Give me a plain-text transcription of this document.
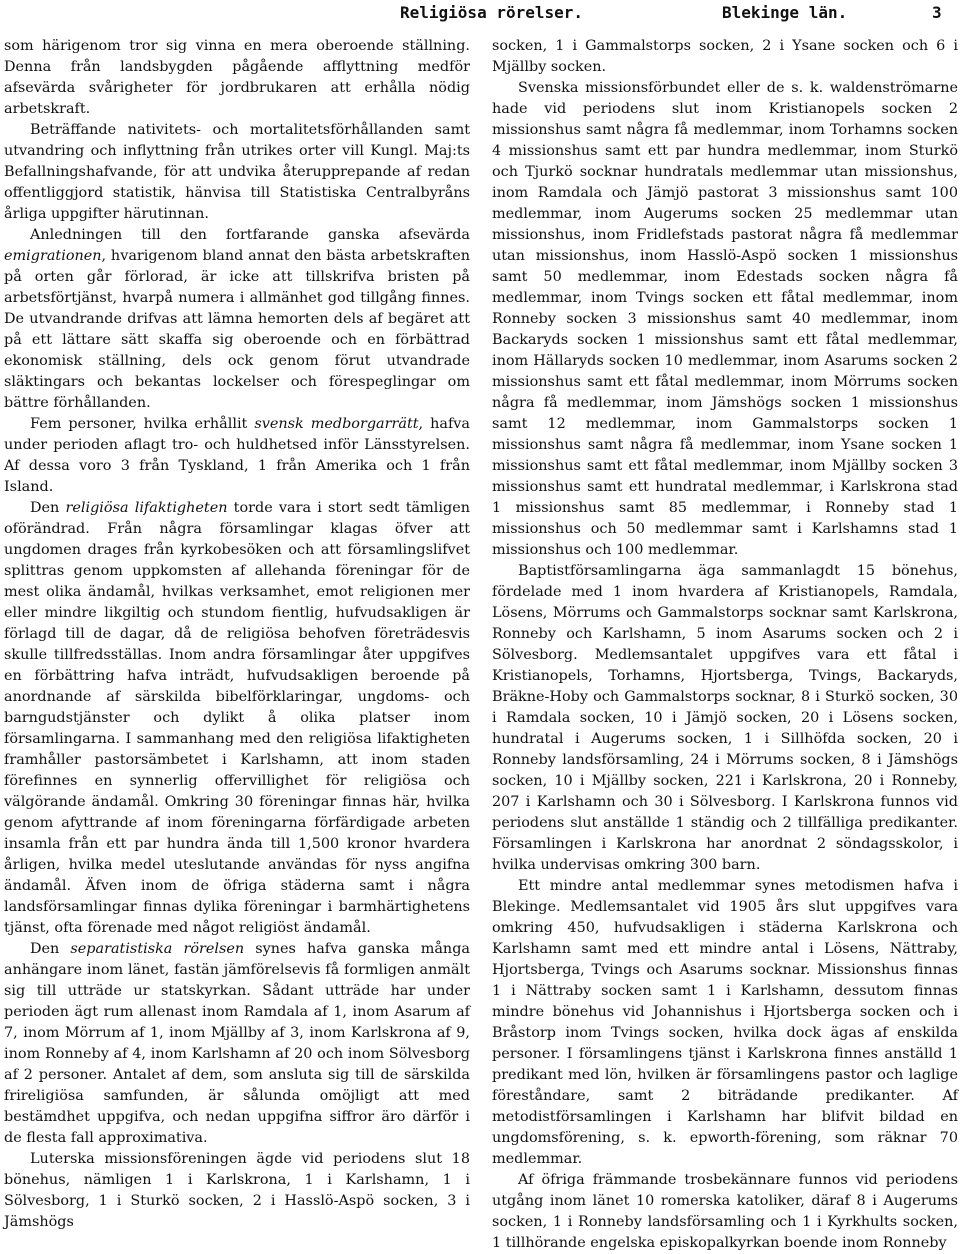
Religiösa rörelser.	Blekinge län.	3

som härigenom tror sig vinna en mera oberoende ställning. Denna från landsbygden pågående afflyttning medför afsevärda svårigheter för jordbrukaren att erhålla nödig arbetskraft.

Beträffande nativitets- och mortalitetsförhållanden samt utvandring och inflyttning från utrikes orter vill Kungl. Maj:ts Befallningshafvande, för att undvika återupprepande af redan offentliggjord statistik, hänvisa till Statistiska Centralbyråns årliga uppgifter härutinnan.

Anledningen till den fortfarande ganska afsevärda emigrationen, hvarigenom bland annat den bästa arbetskraften på orten går förlorad, är icke att tillskrifva bristen på arbetsförtjänst, hvarpå numera i allmänhet god tillgång finnes. De utvandrande drifvas att lämna hemorten dels af begäret att på ett lättare sätt skaffa sig oberoende och en förbättrad ekonomisk ställning, dels ock genom förut utvandrade släktingars och bekantas lockelser och förespeglingar om bättre förhållanden.

Fem personer, hvilka erhållit svensk medborgarrätt, hafva under perioden aflagt tro- och huldhetsed inför Länsstyrelsen. Af dessa voro 3 från Tyskland, 1 från Amerika och 1 från Island.

Den religiösa lifaktigheten torde vara i stort sedt tämligen oförändrad. Från några församlingar klagas öfver att ungdomen drages från kyrkobesöken och att församlingslifvet splittras genom uppkomsten af allehanda föreningar för de mest olika ändamål, hvilkas verksamhet, emot religionen mer eller mindre likgiltig och stundom fientlig, hufvudsakligen är förlagd till de dagar, då de religiösa behofven företrädesvis skulle tillfredsställas. Inom andra församlingar åter uppgifves en förbättring hafva inträdt, hufvudsakligen beroende på anordnande af särskilda bibelförklaringar, ungdoms- och barngudstjänster och dylikt å olika platser inom församlingarna. I sammanhang med den religiösa lifaktigheten framhåller pastorsämbetet i Karlshamn, att inom staden förefinnes en synnerlig offervillighet för religiösa och välgörande ändamål. Omkring 30 föreningar finnas här, hvilka genom afyttrande af inom föreningarna förfärdigade arbeten insamla från ett par hundra ända till 1,500 kronor hvardera årligen, hvilka medel uteslutande användas för nyss angifna ändamål. Äfven inom de öfriga städerna samt i några landsförsamlingar finnas dylika föreningar i barmhärtighetens tjänst, ofta förenade med något religiöst ändamål.

Den separatistiska rörelsen synes hafva ganska många anhängare inom länet, fastän jämförelsevis få formligen anmält sig till utträde ur statskyrkan. Sådant utträde har under perioden ägt rum allenast inom Ramdala af 1, inom Asarum af 7, inom Mörrum af 1, inom Mjällby af 3, inom Karlskrona af 9, inom Ronneby af 4, inom Karlshamn af 20 och inom Sölvesborg af 2 personer. Antalet af dem, som ansluta sig till de särskilda frireligiösa samfunden, är sålunda omöjligt att med bestämdhet uppgifva, och nedan uppgifna siffror äro därför i de flesta fall approximativa.

Luterska missionsföreningen ägde vid periodens slut 18 bönehus, nämligen 1 i Karlskrona, 1 i Karlshamn, 1 i Sölvesborg, 1 i Sturkö socken, 2 i Hasslö-Aspö socken, 3 i Jämshögs

socken, 1 i Gammalstorps socken, 2 i Ysane socken och 6 i Mjällby socken.

Svenska missionsförbundet eller de s. k. waldenströmarne hade vid periodens slut inom Kristianopels socken 2 missionshus samt några få medlemmar, inom Torhamns socken 4 missionshus samt ett par hundra medlemmar, inom Sturkö och Tjurkö socknar hundratals medlemmar utan missionshus, inom Ramdala och Jämjö pastorat 3 missionshus samt 100 medlemmar, inom Augerums socken 25 medlemmar utan missionshus, inom Fridlefstads pastorat några få medlemmar utan missionshus, inom Hasslö-Aspö socken 1 missionshus samt 50 medlemmar, inom Edestads socken några få medlemmar, inom Tvings socken ett fåtal medlemmar, inom Ronneby socken 3 missionshus samt 40 medlemmar, inom Backaryds socken 1 missionshus samt ett fåtal medlemmar, inom Hällaryds socken 10 medlemmar, inom Asarums socken 2 missionshus samt ett fåtal medlemmar, inom Mörrums socken några få medlemmar, inom Jämshögs socken 1 missionshus samt 12 medlemmar, inom Gammalstorps socken 1 missionshus samt några få medlemmar, inom Ysane socken 1 missionshus samt ett fåtal medlemmar, inom Mjällby socken 3 missionshus samt ett hundratal medlemmar, i Karlskrona stad 1 missionshus samt 85 medlemmar, i Ronneby stad 1 missionshus och 50 medlemmar samt i Karlshamns stad 1 missionshus och 100 medlemmar.

Baptistförsamlingarna äga sammanlagdt 15 bönehus, fördelade med 1 inom hvardera af Kristianopels, Ramdala, Lösens, Mörrums och Gammalstorps socknar samt Karlskrona, Ronneby och Karlshamn, 5 inom Asarums socken och 2 i Sölvesborg. Medlemsantalet uppgifves vara ett fåtal i Kristianopels, Torhamns, Hjortsberga, Tvings, Backaryds, Bräkne-Hoby och Gammalstorps socknar, 8 i Sturkö socken, 30 i Ramdala socken, 10 i Jämjö socken, 20 i Lösens socken, hundratal i Augerums socken, 1 i Sillhöfda socken, 20 i Ronneby landsförsamling, 24 i Mörrums socken, 8 i Jämshögs socken, 10 i Mjällby socken, 221 i Karlskrona, 20 i Ronneby, 207 i Karlshamn och 30 i Sölvesborg. I Karlskrona funnos vid periodens slut anställde 1 ständig och 2 tillfälliga predikanter. Församlingen i Karlskrona har anordnat 2 söndagsskolor, i hvilka undervisas omkring 300 barn.

Ett mindre antal medlemmar synes metodismen hafva i Blekinge. Medlemsantalet vid 1905 års slut uppgifves vara omkring 450, hufvudsakligen i städerna Karlskrona och Karlshamn samt med ett mindre antal i Lösens, Nättraby, Hjortsberga, Tvings och Asarums socknar. Missionshus finnas 1 i Nättraby socken samt 1 i Karlshamn, dessutom finnas mindre bönehus vid Johannishus i Hjortsberga socken och i Bråstorp inom Tvings socken, hvilka dock ägas af enskilda personer. I församlingens tjänst i Karlskrona finnes anställd 1 predikant med lön, hvilken är församlingens pastor och laglige föreståndare, samt 2 biträdande predikanter. Af metodistförsamlingen i Karlshamn har blifvit bildad en ungdomsförening, s. k. epworth-förening, som räknar 70 medlemmar.

Af öfriga främmande trosbekännare funnos vid periodens utgång inom länet 10 romerska katoliker, däraf 8 i Augerums socken, 1 i Ronneby landsförsamling och 1 i Kyrkhults socken, 1 tillhörande engelska episkopalkyrkan boende inom Ronneby
